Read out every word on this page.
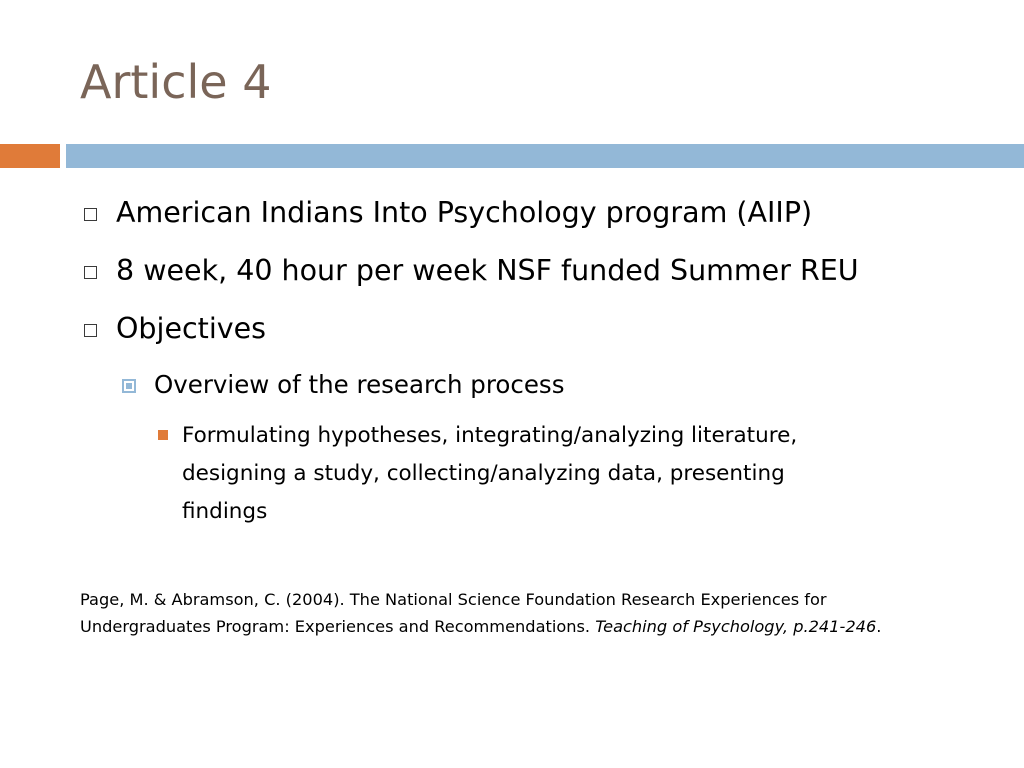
Article 4
American Indians Into Psychology program (AIIP)
8 week, 40 hour per week NSF funded Summer REU
Objectives
Overview of the research process
Formulating hypotheses, integrating/analyzing literature,
designing a study, collecting/analyzing data, presenting
findings
Page, M. & Abramson, C. (2004). The National Science Foundation Research Experiences for
Undergraduates Program: Experiences and Recommendations. Teaching of Psychology, p.241-246.
